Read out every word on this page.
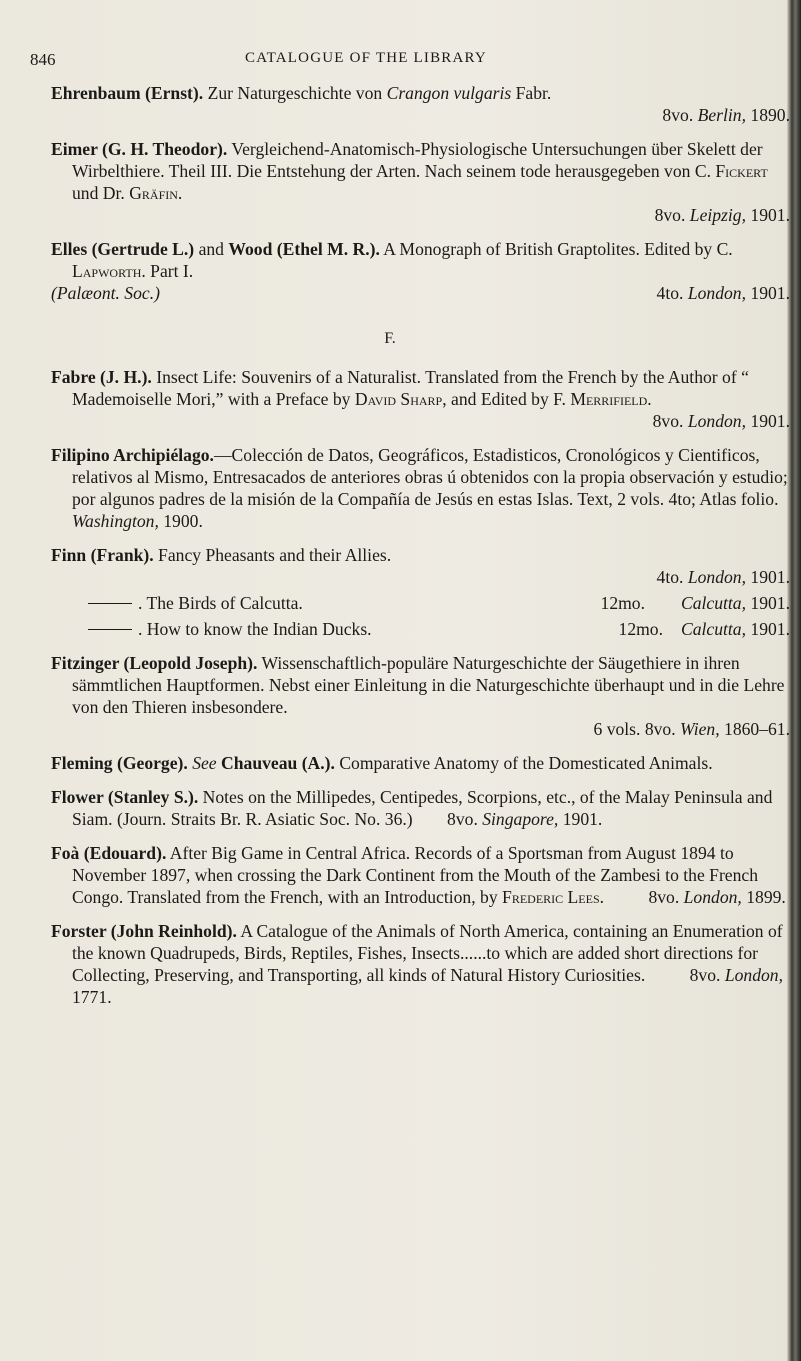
846	CATALOGUE OF THE LIBRARY
Ehrenbaum (Ernst). Zur Naturgeschichte von Crangon vulgaris Fabr.
8vo. Berlin, 1890.
Eimer (G. H. Theodor). Vergleichend-Anatomisch-Physiologische Untersuchungen über Skelett der Wirbelthiere. Theil III. Die Entstehung der Arten. Nach seinem tode herausgegeben von C. Fickert und Dr. Gräfin.
8vo. Leipzig, 1901.
Elles (Gertrude L.) and Wood (Ethel M. R.). A Monograph of British Graptolites. Edited by C. Lapworth. Part I.
(Palæont. Soc.)	4to. London, 1901.
F.
Fabre (J. H.). Insect Life: Souvenirs of a Naturalist. Translated from the French by the Author of “ Mademoiselle Mori,” with a Preface by David Sharp, and Edited by F. Merrifield.
8vo. London, 1901.
Filipino Archipiélago.—Colección de Datos, Geográficos, Estadisticos, Cronológicos y Cientificos, relativos al Mismo, Entresacados de anteriores obras ú obtenidos con la propia observación y estudio; por algunos padres de la misión de la Compañía de Jesús en estas Islas. Text, 2 vols. 4to; Atlas folio. Washington, 1900.
Finn (Frank). Fancy Pheasants and their Allies.
4to. London, 1901.
. The Birds of Calcutta.	12mo. Calcutta, 1901.
. How to know the Indian Ducks.	12mo. Calcutta, 1901.
Fitzinger (Leopold Joseph). Wissenschaftlich-populäre Naturgeschichte der Säugethiere in ihren sämmtlichen Hauptformen. Nebst einer Einleitung in die Naturgeschichte überhaupt und in die Lehre von den Thieren insbesondere.
6 vols. 8vo. Wien, 1860–61.
Fleming (George). See Chauveau (A.). Comparative Anatomy of the Domesticated Animals.
Flower (Stanley S.). Notes on the Millipedes, Centipedes, Scorpions, etc., of the Malay Peninsula and Siam. (Journ. Straits Br. R. Asiatic Soc. No. 36.) 8vo. Singapore, 1901.
Foà (Edouard). After Big Game in Central Africa. Records of a Sportsman from August 1894 to November 1897, when crossing the Dark Continent from the Mouth of the Zambesi to the French Congo. Translated from the French, with an Introduction, by Frederic Lees.	8vo. London, 1899.
Forster (John Reinhold). A Catalogue of the Animals of North America, containing an Enumeration of the known Quadrupeds, Birds, Reptiles, Fishes, Insects......to which are added short directions for Collecting, Preserving, and Transporting, all kinds of Natural History Curiosities.	8vo. London, 1771.
